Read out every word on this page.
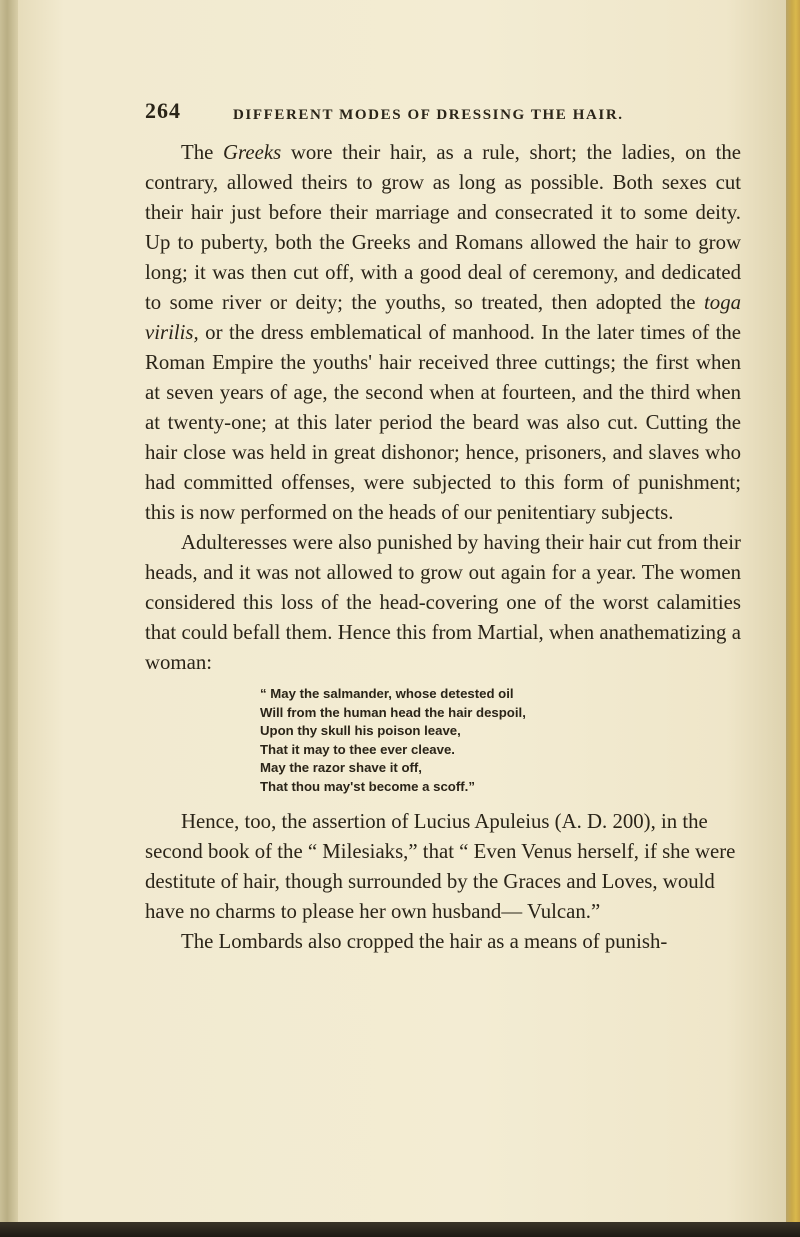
264	DIFFERENT MODES OF DRESSING THE HAIR.

The Greeks wore their hair, as a rule, short; the ladies, on the contrary, allowed theirs to grow as long as possible. Both sexes cut their hair just before their marriage and consecrated it to some deity. Up to puberty, both the Greeks and Romans allowed the hair to grow long; it was then cut off, with a good deal of ceremony, and dedicated to some river or deity; the youths, so treated, then adopted the toga virilis, or the dress emblematical of manhood. In the later times of the Roman Empire the youths' hair received three cuttings; the first when at seven years of age, the second when at fourteen, and the third when at twenty-one; at this later period the beard was also cut. Cutting the hair close was held in great dishonor; hence, prisoners, and slaves who had committed offenses, were subjected to this form of punishment; this is now performed on the heads of our penitentiary subjects.

Adulteresses were also punished by having their hair cut from their heads, and it was not allowed to grow out again for a year. The women considered this loss of the head-covering one of the worst calamities that could befall them. Hence this from Martial, when anathematizing a woman:

“ May the salmander, whose detested oil
Will from the human head the hair despoil,
Upon thy skull his poison leave,
That it may to thee ever cleave.
May the razor shave it off,
That thou may'st become a scoff.”

Hence, too, the assertion of Lucius Apuleius (A. D. 200), in the second book of the “ Milesiaks,” that “ Even Venus herself, if she were destitute of hair, though surrounded by the Graces and Loves, would have no charms to please her own husband— Vulcan.”

The Lombards also cropped the hair as a means of punish-
